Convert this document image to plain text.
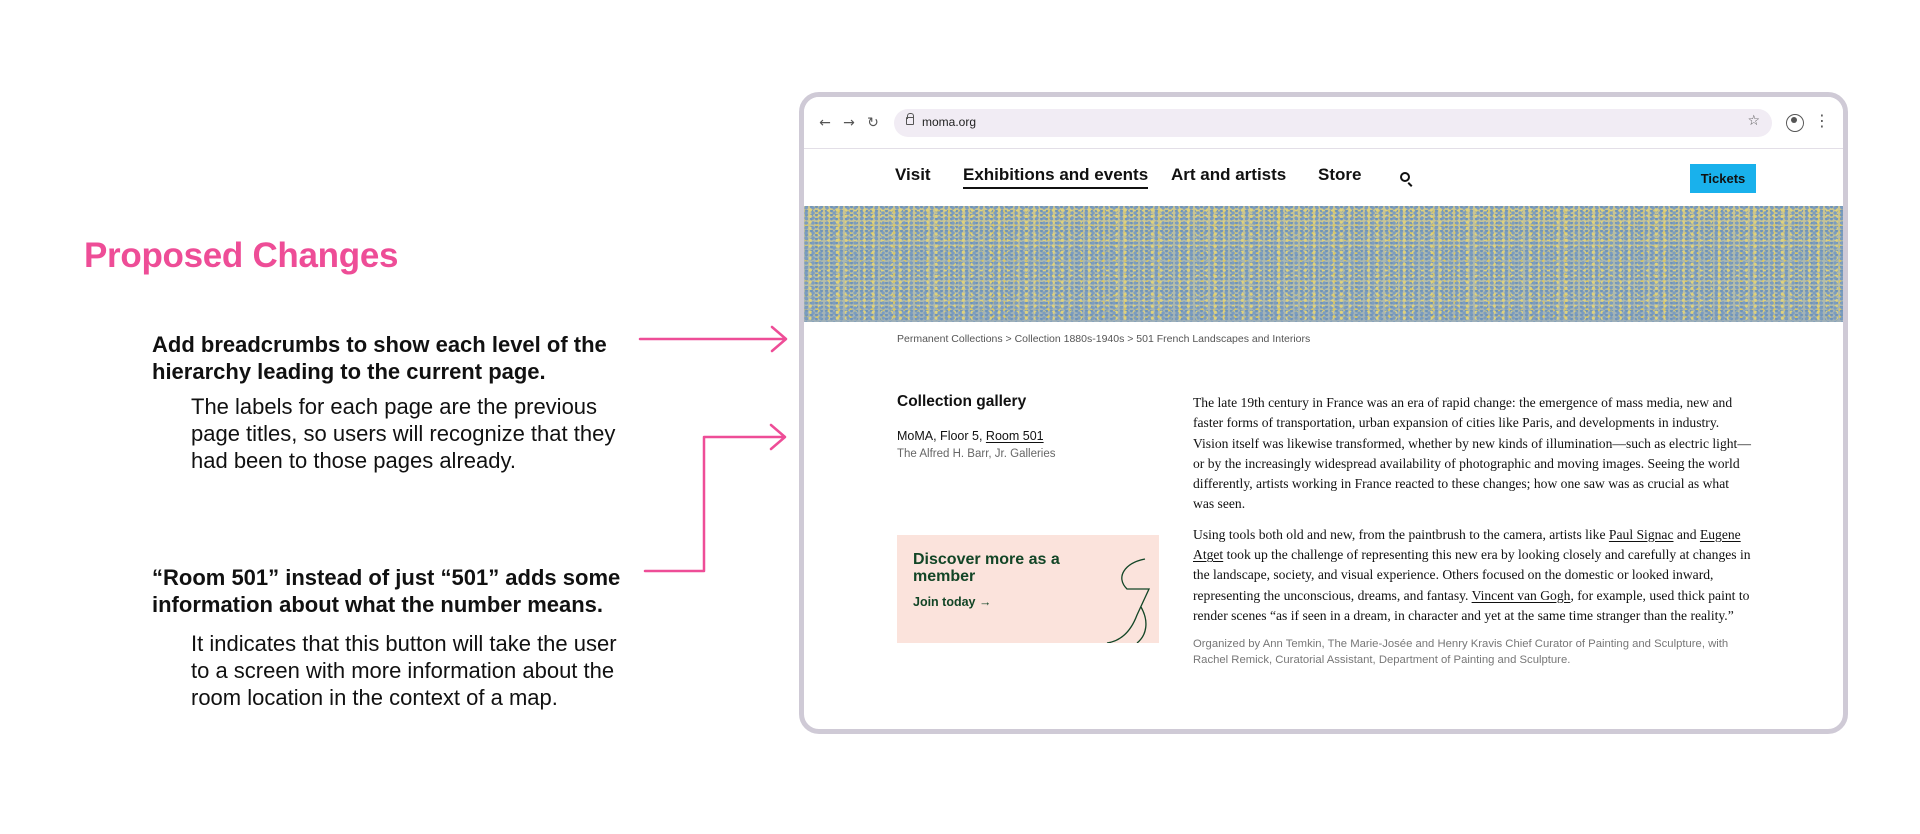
Proposed Changes
Add breadcrumbs to show each level of the hierarchy leading to the current page.
The labels for each page are the previous page titles, so users will recognize that they had been to those pages already.
“Room 501” instead of just “501” adds some information about what the number means.
It indicates that this button will take the user to a screen with more information about the room location in the context of a map.
← → ↻	moma.org	☆	⋮
Visit Exhibitions and events Art and artists Store	Tickets
Permanent Collections > Collection 1880s-1940s > 501 French Landscapes and Interiors
Collection gallery
MoMA, Floor 5, Room 501
The Alfred H. Barr, Jr. Galleries
Discover more as a member
Join today →

The late 19th century in France was an era of rapid change: the emergence of mass media, new and faster forms of transportation, urban expansion of cities like Paris, and developments in industry. Vision itself was likewise transformed, whether by new kinds of illumination—such as electric light—or by the increasingly widespread availability of photographic and moving images. Seeing the world differently, artists working in France reacted to these changes; how one saw was as crucial as what was seen.

Using tools both old and new, from the paintbrush to the camera, artists like Paul Signac and Eugene Atget took up the challenge of representing this new era by looking closely and carefully at changes in the landscape, society, and visual experience. Others focused on the domestic or looked inward, representing the unconscious, dreams, and fantasy. Vincent van Gogh, for example, used thick paint to render scenes “as if seen in a dream, in character and yet at the same time stranger than the reality.”

Organized by Ann Temkin, The Marie-Josée and Henry Kravis Chief Curator of Painting and Sculpture, with Rachel Remick, Curatorial Assistant, Department of Painting and Sculpture.
